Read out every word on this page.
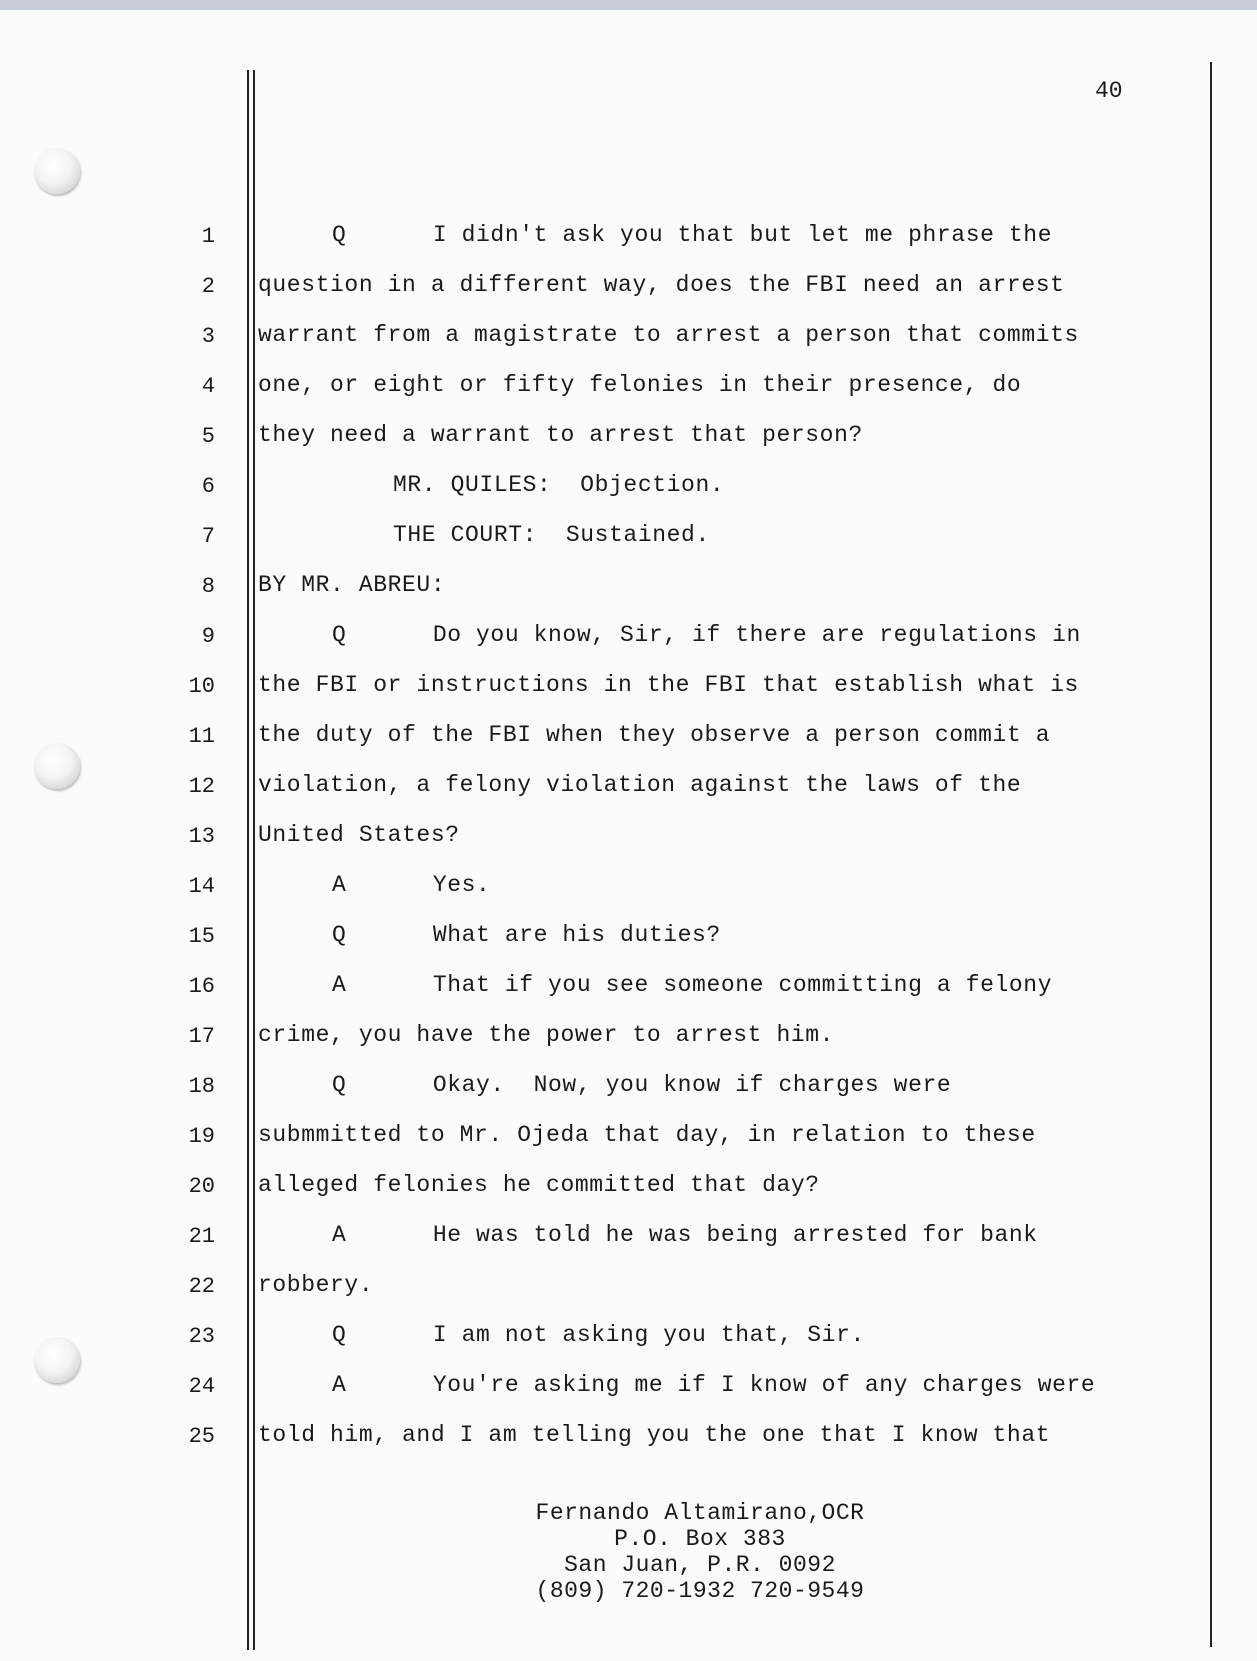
40
1	Q      I didn't ask you that but let me phrase the
2 question in a different way, does the FBI need an arrest
3 warrant from a magistrate to arrest a person that commits
4 one, or eight or fifty felonies in their presence, do
5 they need a warrant to arrest that person?
6	MR. QUILES:  Objection.
7	THE COURT:  Sustained.
8 BY MR. ABREU:
9	Q      Do you know, Sir, if there are regulations in
10 the FBI or instructions in the FBI that establish what is
11 the duty of the FBI when they observe a person commit a
12 violation, a felony violation against the laws of the
13 United States?
14	A      Yes.
15	Q      What are his duties?
16	A      That if you see someone committing a felony
17 crime, you have the power to arrest him.
18	Q      Okay.  Now, you know if charges were
19 submmitted to Mr. Ojeda that day, in relation to these
20 alleged felonies he committed that day?
21	A      He was told he was being arrested for bank
22 robbery.
23	Q      I am not asking you that, Sir.
24	A      You're asking me if I know of any charges were
25 told him, and I am telling you the one that I know that
Fernando Altamirano,OCR
P.O. Box 383
San Juan, P.R. 0092
(809) 720-1932 720-9549
